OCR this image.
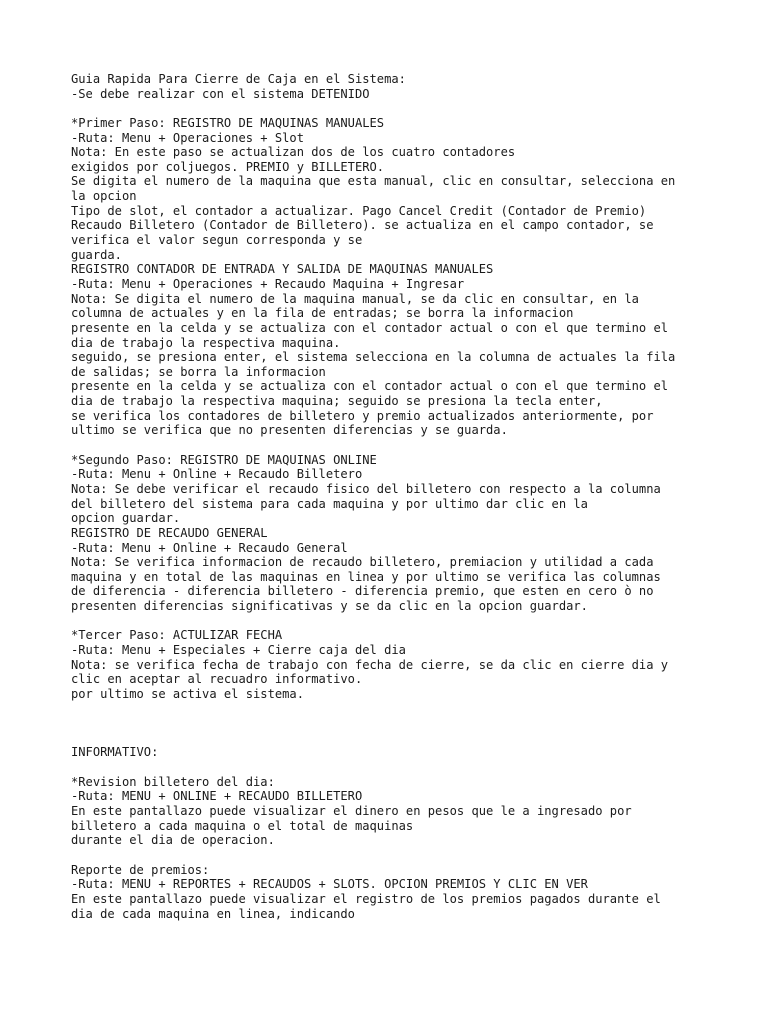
Guia Rapida Para Cierre de Caja en el Sistema:
-Se debe realizar con el sistema DETENIDO
*Primer Paso: REGISTRO DE MAQUINAS MANUALES
-Ruta: Menu + Operaciones + Slot
Nota: En este paso se actualizan dos de los cuatro contadores
exigidos por coljuegos. PREMIO y BILLETERO.
Se digita el numero de la maquina que esta manual, clic en consultar, selecciona en
la opcion
Tipo de slot, el contador a actualizar. Pago Cancel Credit (Contador de Premio)
Recaudo Billetero (Contador de Billetero). se actualiza en el campo contador, se
verifica el valor segun corresponda y se
guarda.
REGISTRO CONTADOR DE ENTRADA Y SALIDA DE MAQUINAS MANUALES
-Ruta: Menu + Operaciones + Recaudo Maquina + Ingresar
Nota: Se digita el numero de la maquina manual, se da clic en consultar, en la
columna de actuales y en la fila de entradas; se borra la informacion
presente en la celda y se actualiza con el contador actual o con el que termino el
dia de trabajo la respectiva maquina.
seguido, se presiona enter, el sistema selecciona en la columna de actuales la fila
de salidas; se borra la informacion
presente en la celda y se actualiza con el contador actual o con el que termino el
dia de trabajo la respectiva maquina; seguido se presiona la tecla enter,
se verifica los contadores de billetero y premio actualizados anteriormente, por
ultimo se verifica que no presenten diferencias y se guarda.
*Segundo Paso: REGISTRO DE MAQUINAS ONLINE
-Ruta: Menu + Online + Recaudo Billetero
Nota: Se debe verificar el recaudo fisico del billetero con respecto a la columna
del billetero del sistema para cada maquina y por ultimo dar clic en la
opcion guardar.
REGISTRO DE RECAUDO GENERAL
-Ruta: Menu + Online + Recaudo General
Nota: Se verifica informacion de recaudo billetero, premiacion y utilidad a cada
maquina y en total de las maquinas en linea y por ultimo se verifica las columnas
de diferencia - diferencia billetero - diferencia premio, que esten en cero ò no
presenten diferencias significativas y se da clic en la opcion guardar.
*Tercer Paso: ACTULIZAR FECHA
-Ruta: Menu + Especiales + Cierre caja del dia
Nota: se verifica fecha de trabajo con fecha de cierre, se da clic en cierre dia y
clic en aceptar al recuadro informativo.
por ultimo se activa el sistema.
INFORMATIVO:
*Revision billetero del dia:
-Ruta: MENU + ONLINE + RECAUDO BILLETERO
En este pantallazo puede visualizar el dinero en pesos que le a ingresado por
billetero a cada maquina o el total de maquinas
durante el dia de operacion.
Reporte de premios:
-Ruta: MENU + REPORTES + RECAUDOS + SLOTS. OPCION PREMIOS Y CLIC EN VER
En este pantallazo puede visualizar el registro de los premios pagados durante el
dia de cada maquina en linea, indicando
